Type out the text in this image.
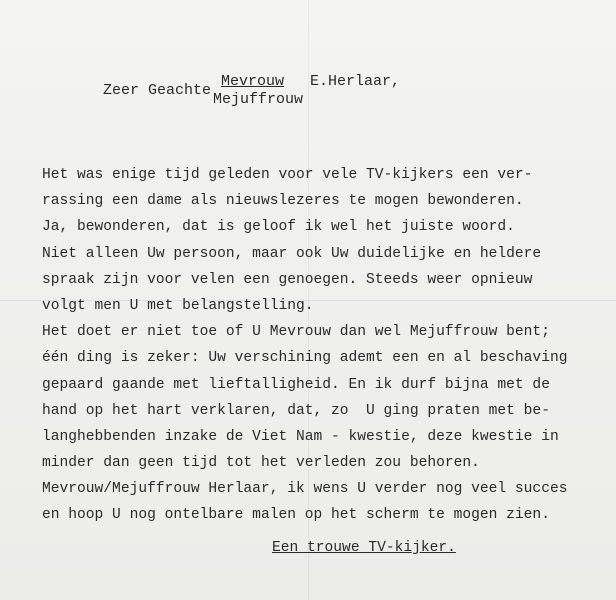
Zeer Geachte
Mevrouw
Mejuffrouw
E.Herlaar,
Het was enige tijd geleden voor vele TV-kijkers een ver-
rassing een dame als nieuwslezeres te mogen bewonderen.
Ja, bewonderen, dat is geloof ik wel het juiste woord.
Niet alleen Uw persoon, maar ook Uw duidelijke en heldere
spraak zijn voor velen een genoegen. Steeds weer opnieuw
volgt men U met belangstelling.
Het doet er niet toe of U Mevrouw dan wel Mejuffrouw bent;
één ding is zeker: Uw verschining ademt een en al beschaving
gepaard gaande met lieftalligheid. En ik durf bijna met de
hand op het hart verklaren, dat, zo  U ging praten met be-
langhebbenden inzake de Viet Nam - kwestie, deze kwestie in
minder dan geen tijd tot het verleden zou behoren.
Mevrouw/Mejuffrouw Herlaar, ik wens U verder nog veel succes
en hoop U nog ontelbare malen op het scherm te mogen zien.
Een trouwe TV-kijker.
